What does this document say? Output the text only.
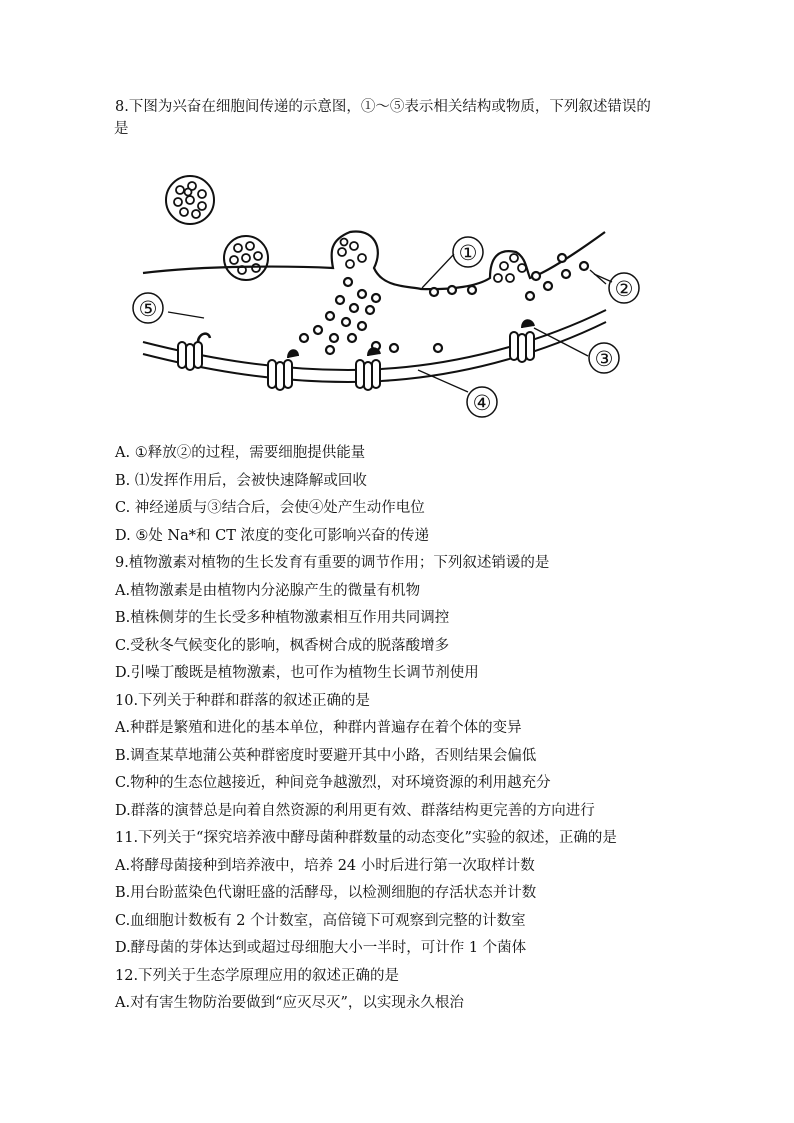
8.下图为兴奋在细胞间传递的示意图，①～⑤表示相关结构或物质，下列叙述错误的
是
①
②
③
④
⑤
A. ①释放②的过程，需要细胞提供能量
B. ⑴发挥作用后，会被快速降解或回收
C. 神经递质与③结合后，会使④处产生动作电位
D. ⑤处 Na*和 CT 浓度的变化可影响兴奋的传递
9.植物激素对植物的生长发育有重要的调节作用；下列叙述销谖的是
A.植物激素是由植物内分泌腺产生的微量有机物
B.植株侧芽的生长受多种植物激素相互作用共同调控
C.受秋冬气候变化的影响，枫香树合成的脱落酸增多
D.引噪丁酸既是植物激素，也可作为植物生长调节剂使用
10.下列关于种群和群落的叙述正确的是
A.种群是繁殖和进化的基本单位，种群内普遍存在着个体的变异
B.调查某草地蒲公英种群密度时要避开其中小路，否则结果会偏低
C.物种的生态位越接近，种间竞争越激烈，对环境资源的利用越充分
D.群落的演替总是向着自然资源的利用更有效、群落结构更完善的方向进行
11.下列关于“探究培养液中酵母菌种群数量的动态变化”实验的叙述，正确的是
A.将酵母菌接种到培养液中，培养 24 小时后进行第一次取样计数
B.用台盼蓝染色代谢旺盛的活酵母，以检测细胞的存活状态并计数
C.血细胞计数板有 2 个计数室，高倍镜下可观察到完整的计数室
D.酵母菌的芽体达到或超过母细胞大小一半时，可计作 1 个菌体
12.下列关于生态学原理应用的叙述正确的是
A.对有害生物防治要做到“应灭尽灭”，以实现永久根治
